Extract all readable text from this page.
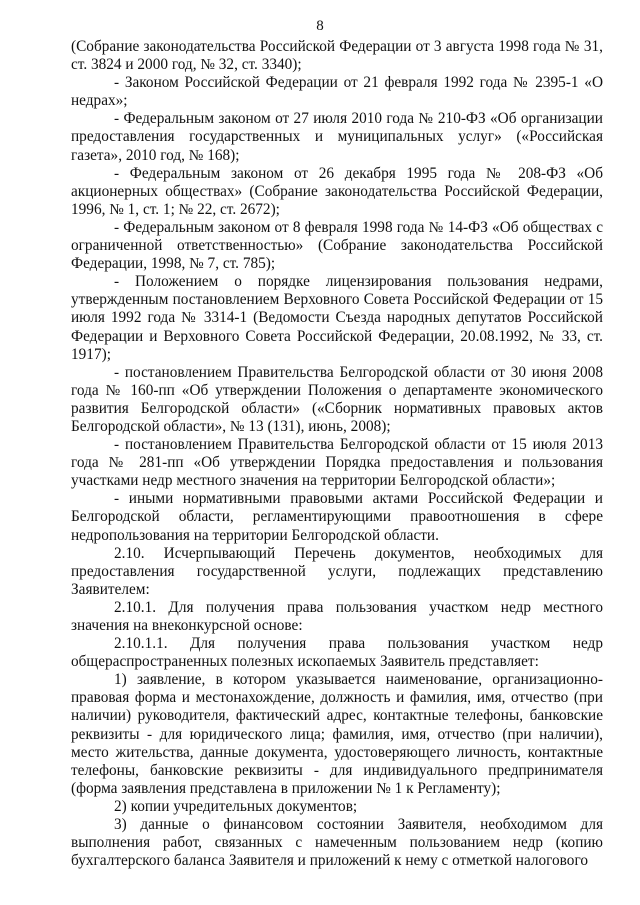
8

(Собрание законодательства Российской Федерации от 3 августа 1998 года № 31, ст. 3824 и 2000 год, № 32, ст. 3340);

- Законом Российской Федерации от 21 февраля 1992 года № 2395-1 «О недрах»;

- Федеральным законом от 27 июля 2010 года № 210-ФЗ «Об организации предоставления государственных и муниципальных услуг» («Российская газета», 2010 год, № 168);

- Федеральным законом от 26 декабря 1995 года № 208-ФЗ «Об акционерных обществах» (Собрание законодательства Российской Федерации, 1996, № 1, ст. 1; № 22, ст. 2672);

- Федеральным законом от 8 февраля 1998 года № 14-ФЗ «Об обществах с ограниченной ответственностью» (Собрание законодательства Российской Федерации, 1998, № 7, ст. 785);

- Положением о порядке лицензирования пользования недрами, утвержденным постановлением Верховного Совета Российской Федерации от 15 июля 1992 года № 3314-1 (Ведомости Съезда народных депутатов Российской Федерации и Верховного Совета Российской Федерации, 20.08.1992, № 33, ст. 1917);

- постановлением Правительства Белгородской области от 30 июня 2008 года № 160-пп «Об утверждении Положения о департаменте экономического развития Белгородской области» («Сборник нормативных правовых актов Белгородской области», № 13 (131), июнь, 2008);

- постановлением Правительства Белгородской области от 15 июля 2013 года № 281-пп «Об утверждении Порядка предоставления и пользования участками недр местного значения на территории Белгородской области»;

- иными нормативными правовыми актами Российской Федерации и Белгородской области, регламентирующими правоотношения в сфере недропользования на территории Белгородской области.

2.10. Исчерпывающий Перечень документов, необходимых для предоставления государственной услуги, подлежащих представлению Заявителем:

2.10.1. Для получения права пользования участком недр местного значения на внеконкурсной основе:

2.10.1.1. Для получения права пользования участком недр общераспространенных полезных ископаемых Заявитель представляет:

1) заявление, в котором указывается наименование, организационно-правовая форма и местонахождение, должность и фамилия, имя, отчество (при наличии) руководителя, фактический адрес, контактные телефоны, банковские реквизиты - для юридического лица; фамилия, имя, отчество (при наличии), место жительства, данные документа, удостоверяющего личность, контактные телефоны, банковские реквизиты - для индивидуального предпринимателя (форма заявления представлена в приложении № 1 к Регламенту);

2) копии учредительных документов;

3) данные о финансовом состоянии Заявителя, необходимом для выполнения работ, связанных с намеченным пользованием недр (копию бухгалтерского баланса Заявителя и приложений к нему с отметкой налогового
